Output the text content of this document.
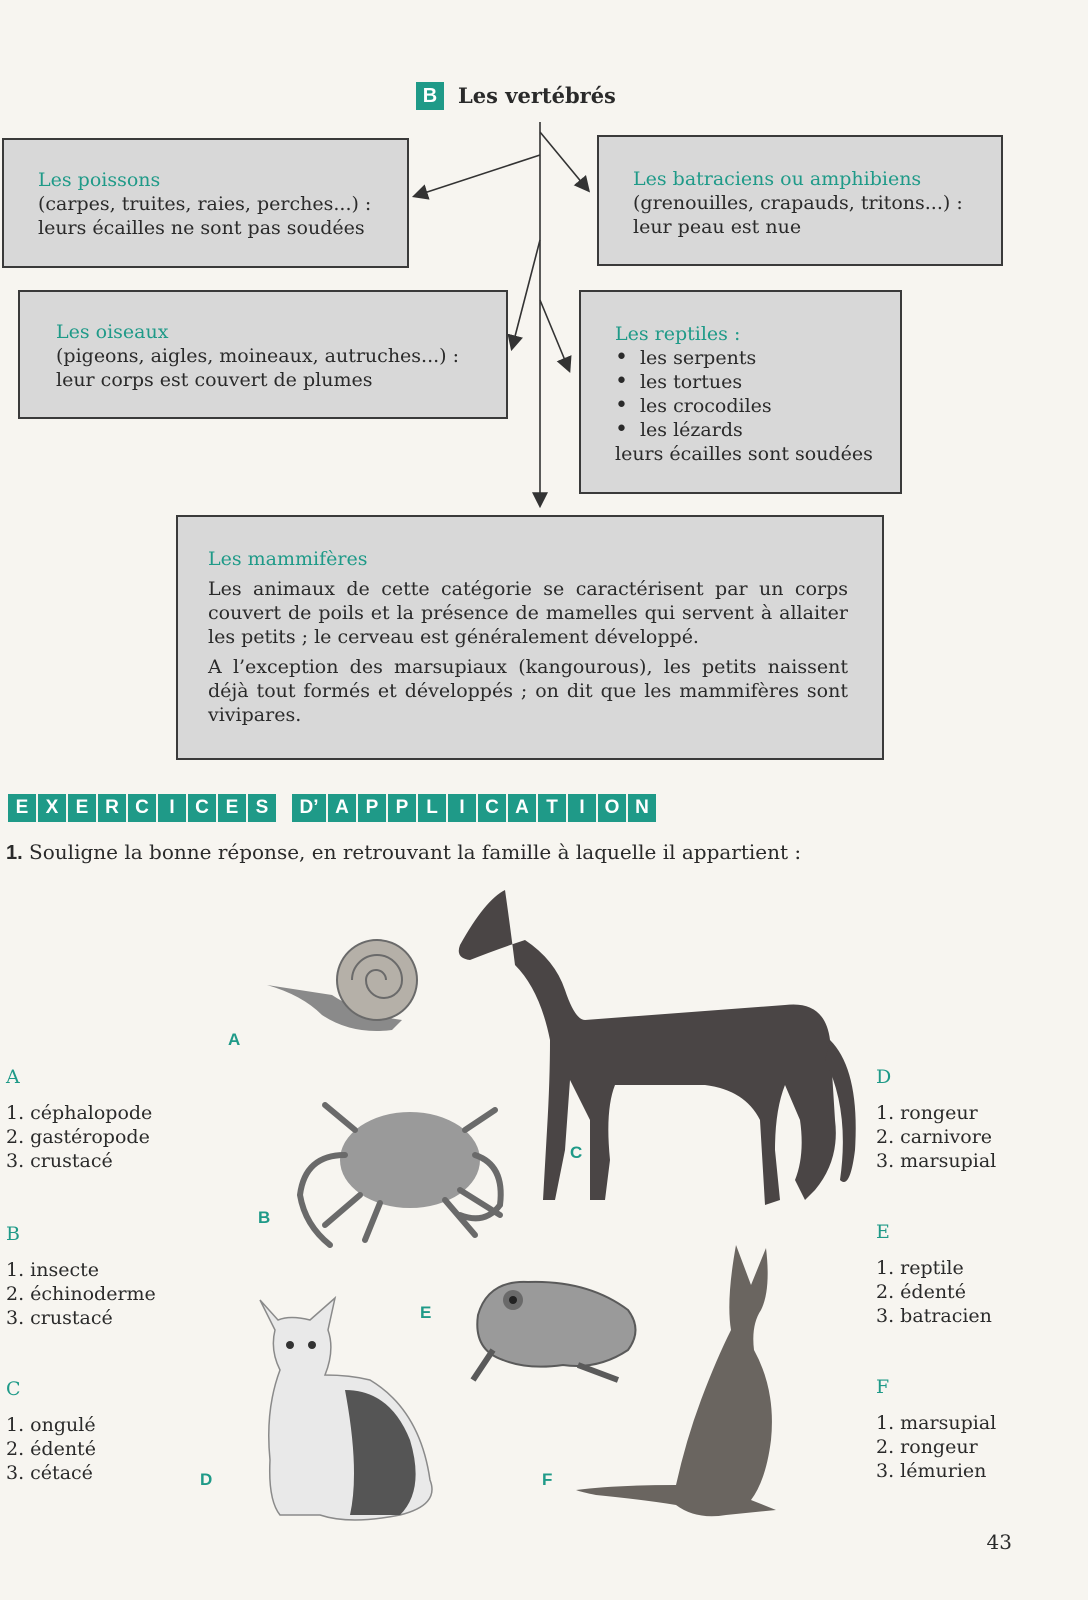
B Les vertébrés
Les poissons
(carpes, truites, raies, perches...) :
leurs écailles ne sont pas soudées
Les batraciens ou amphibiens
(grenouilles, crapauds, tritons...) :
leur peau est nue
Les oiseaux
(pigeons, aigles, moineaux, autruches...) :
leur corps est couvert de plumes
Les reptiles :
• les serpents
• les tortues
• les crocodiles
• les lézards
leurs écailles sont soudées
Les mammifères
Les animaux de cette catégorie se caractérisent par un corps couvert de poils et la présence de mamelles qui servent à allaiter les petits ; le cerveau est généralement développé.
A l’exception des marsupiaux (kangourous), les petits naissent déjà tout formés et développés ; on dit que les mammifères sont vivipares.
E X E R C	I	C E S	D’ A P P L	I	C A T	I	O N
1. Souligne la bonne réponse, en retrouvant la famille à laquelle il appartient :
A
1. céphalopode
2. gastéropode
3. crustacé
B
1. insecte
2. échinoderme
3. crustacé
C
1. ongulé
2. édenté
3. cétacé
D
1. rongeur
2. carnivore
3. marsupial
E
1. reptile
2. édenté
3. batracien
F
1. marsupial
2. rongeur
3. lémurien
A
B
C
D
E
F
43
